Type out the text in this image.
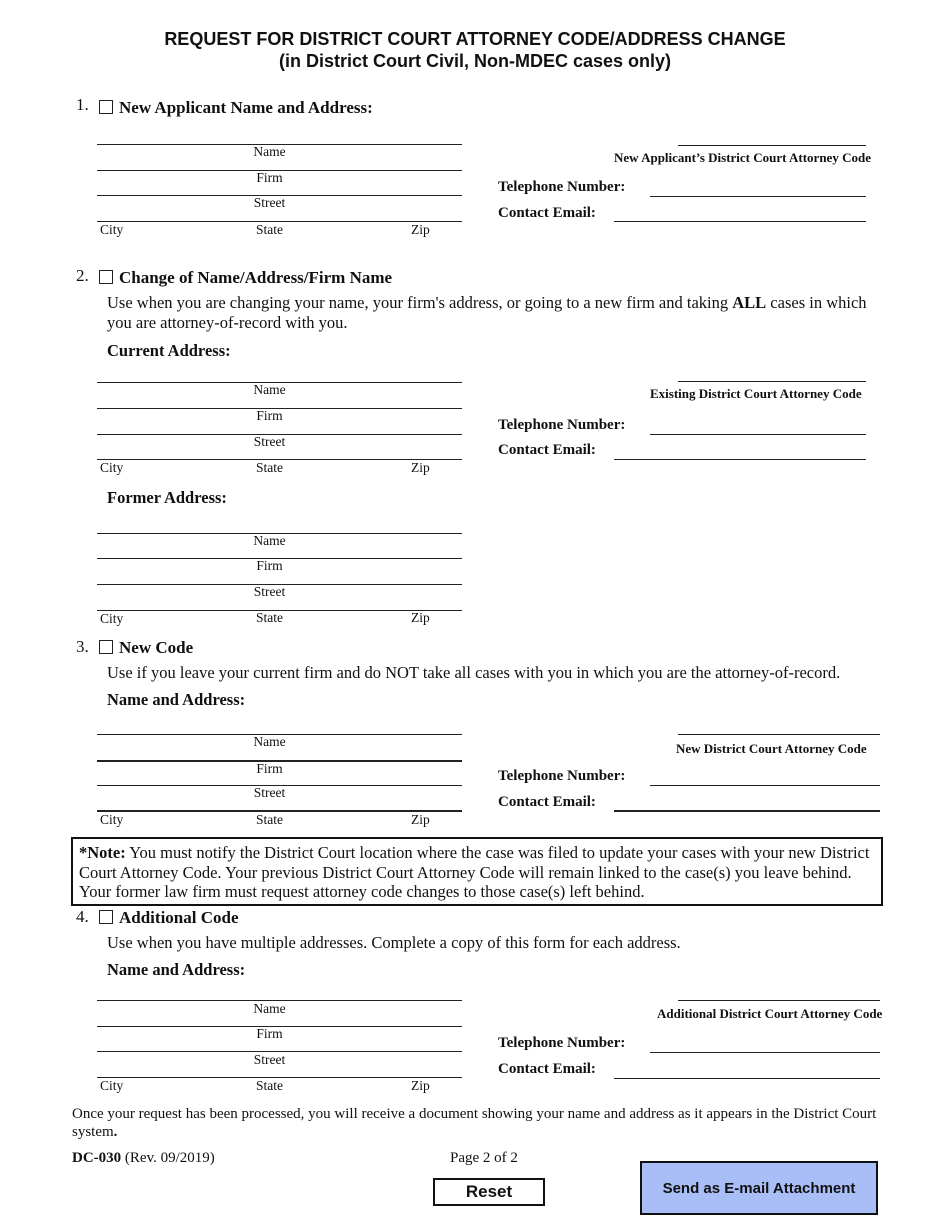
REQUEST FOR DISTRICT COURT ATTORNEY CODE/ADDRESS CHANGE
(in District Court Civil, Non-MDEC cases only)
1.	New Applicant Name and Address:
Name
Firm
Street
City	State	Zip
New Applicant’s District Court Attorney Code
Telephone Number:
Contact Email:
2.	Change of Name/Address/Firm Name
Use when you are changing your name, your firm's address, or going to a new firm and taking ALL cases in which you are attorney-of-record with you.
Current Address:
Name
Firm
Street
City	State	Zip
Existing District Court Attorney Code
Telephone Number:
Contact Email:
Former Address:
Name
Firm
Street
City	State	Zip
3.	New Code
Use if you leave your current firm and do NOT take all cases with you in which you are the attorney-of-record.
Name and Address:
Name
Firm
Street
City	State	Zip
New District Court Attorney Code
Telephone Number:
Contact Email:
*Note: You must notify the District Court location where the case was filed to update your cases with your new District Court Attorney Code. Your previous District Court Attorney Code will remain linked to the case(s) you leave behind. Your former law firm must request attorney code changes to those case(s) left behind.
4.	Additional Code
Use when you have multiple addresses. Complete a copy of this form for each address.
Name and Address:
Name
Firm
Street
City	State	Zip
Additional District Court Attorney Code
Telephone Number:
Contact Email:
Once your request has been processed, you will receive a document showing your name and address as it appears in the District Court system.
DC-030 (Rev. 09/2019)	Page 2 of 2
Reset	Send as E-mail Attachment
